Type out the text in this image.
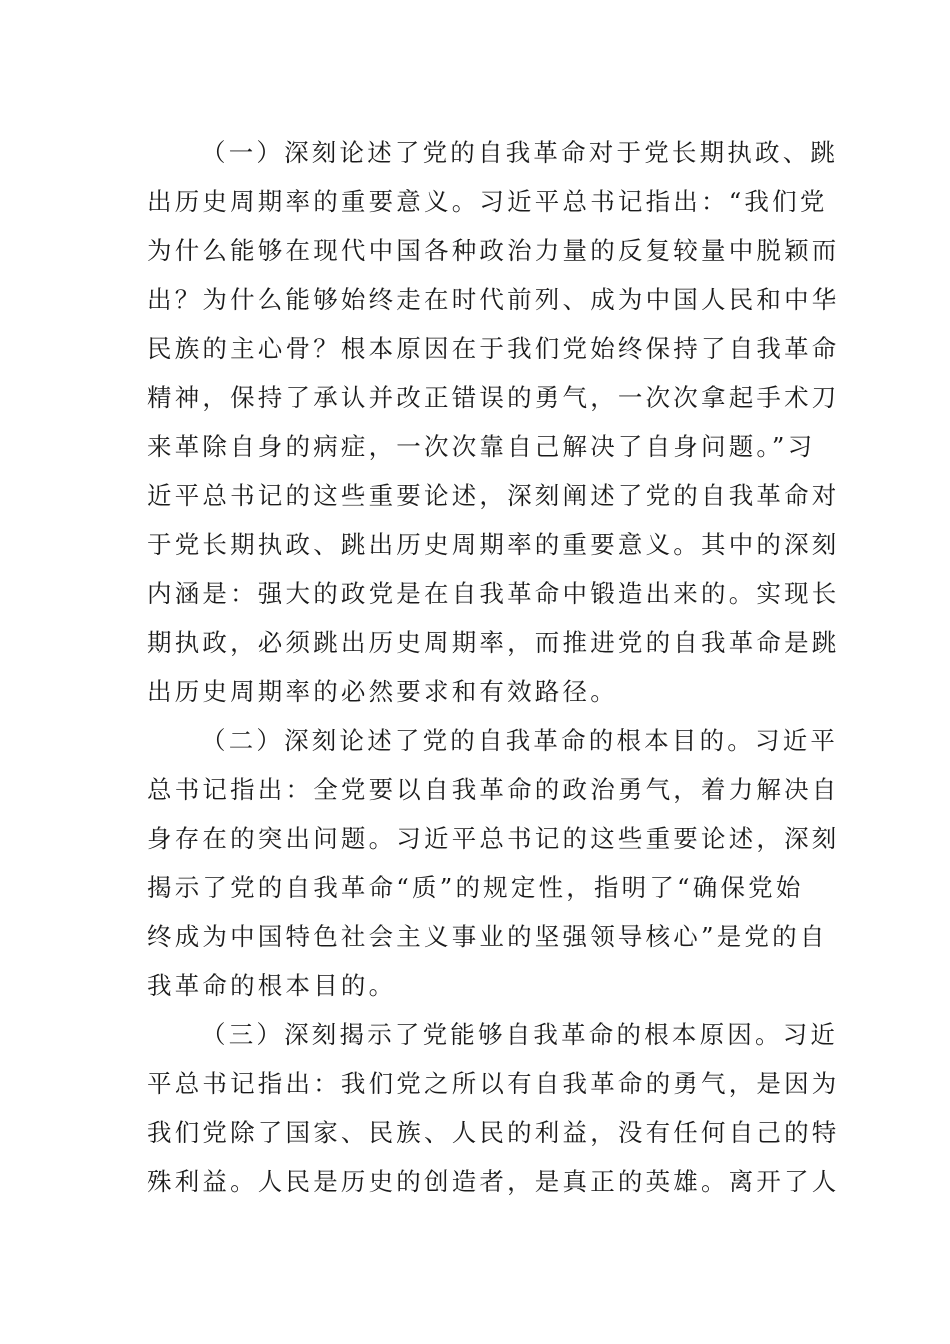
（一）深刻论述了党的自我革命对于党长期执政、跳
出历史周期率的重要意义。习近平总书记指出：“我们党
为什么能够在现代中国各种政治力量的反复较量中脱颖而
出？为什么能够始终走在时代前列、成为中国人民和中华
民族的主心骨？根本原因在于我们党始终保持了自我革命
精神，保持了承认并改正错误的勇气，一次次拿起手术刀
来革除自身的病症，一次次靠自己解决了自身问题。”习
近平总书记的这些重要论述，深刻阐述了党的自我革命对
于党长期执政、跳出历史周期率的重要意义。其中的深刻
内涵是：强大的政党是在自我革命中锻造出来的。实现长
期执政，必须跳出历史周期率，而推进党的自我革命是跳
出历史周期率的必然要求和有效路径。
（二）深刻论述了党的自我革命的根本目的。习近平
总书记指出：全党要以自我革命的政治勇气，着力解决自
身存在的突出问题。习近平总书记的这些重要论述，深刻
揭示了党的自我革命“质”的规定性，指明了“确保党始
终成为中国特色社会主义事业的坚强领导核心”是党的自
我革命的根本目的。
（三）深刻揭示了党能够自我革命的根本原因。习近
平总书记指出：我们党之所以有自我革命的勇气，是因为
我们党除了国家、民族、人民的利益，没有任何自己的特
殊利益。人民是历史的创造者，是真正的英雄。离开了人
